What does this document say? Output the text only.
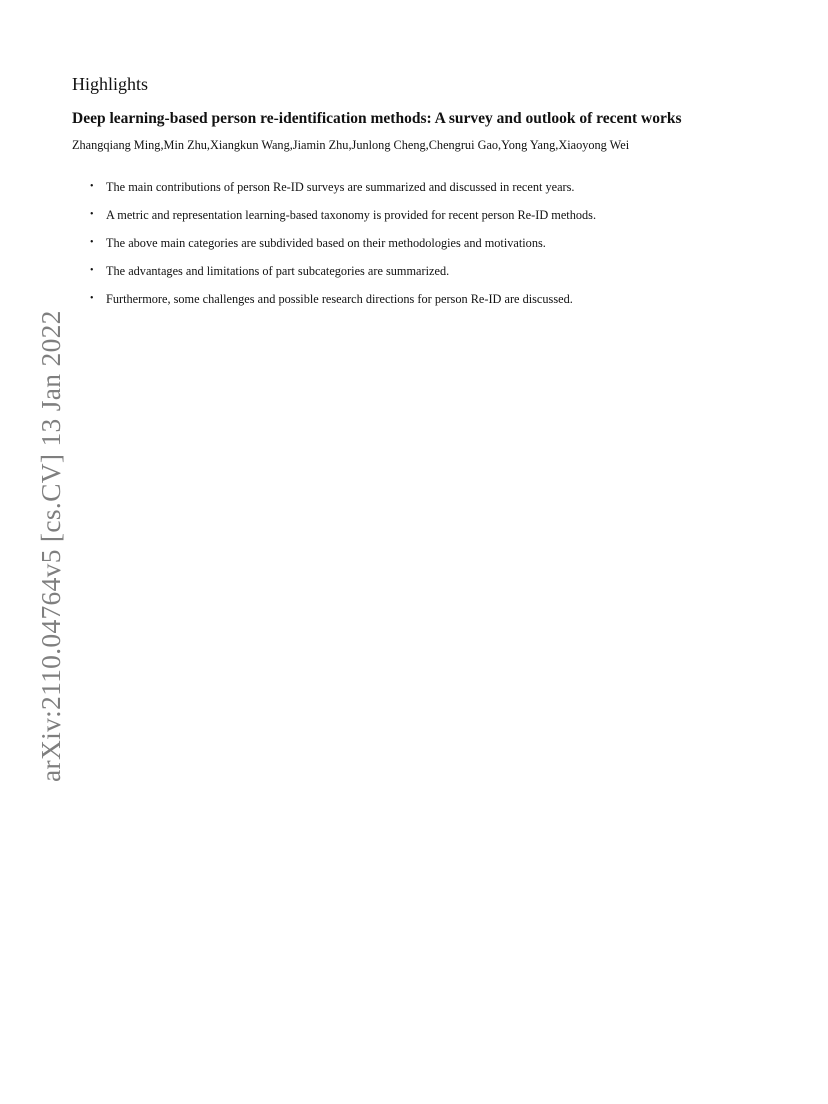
Highlights
Deep learning-based person re-identification methods: A survey and outlook of recent works

Zhangqiang Ming,Min Zhu,Xiangkun Wang,Jiamin Zhu,Junlong Cheng,Chengrui Gao,Yong Yang,Xiaoyong Wei

• The main contributions of person Re-ID surveys are summarized and discussed in recent years.
• A metric and representation learning-based taxonomy is provided for recent person Re-ID methods.
• The above main categories are subdivided based on their methodologies and motivations.
• The advantages and limitations of part subcategories are summarized.
• Furthermore, some challenges and possible research directions for person Re-ID are discussed.
arXiv:2110.04764v5 [cs.CV] 13 Jan 2022
